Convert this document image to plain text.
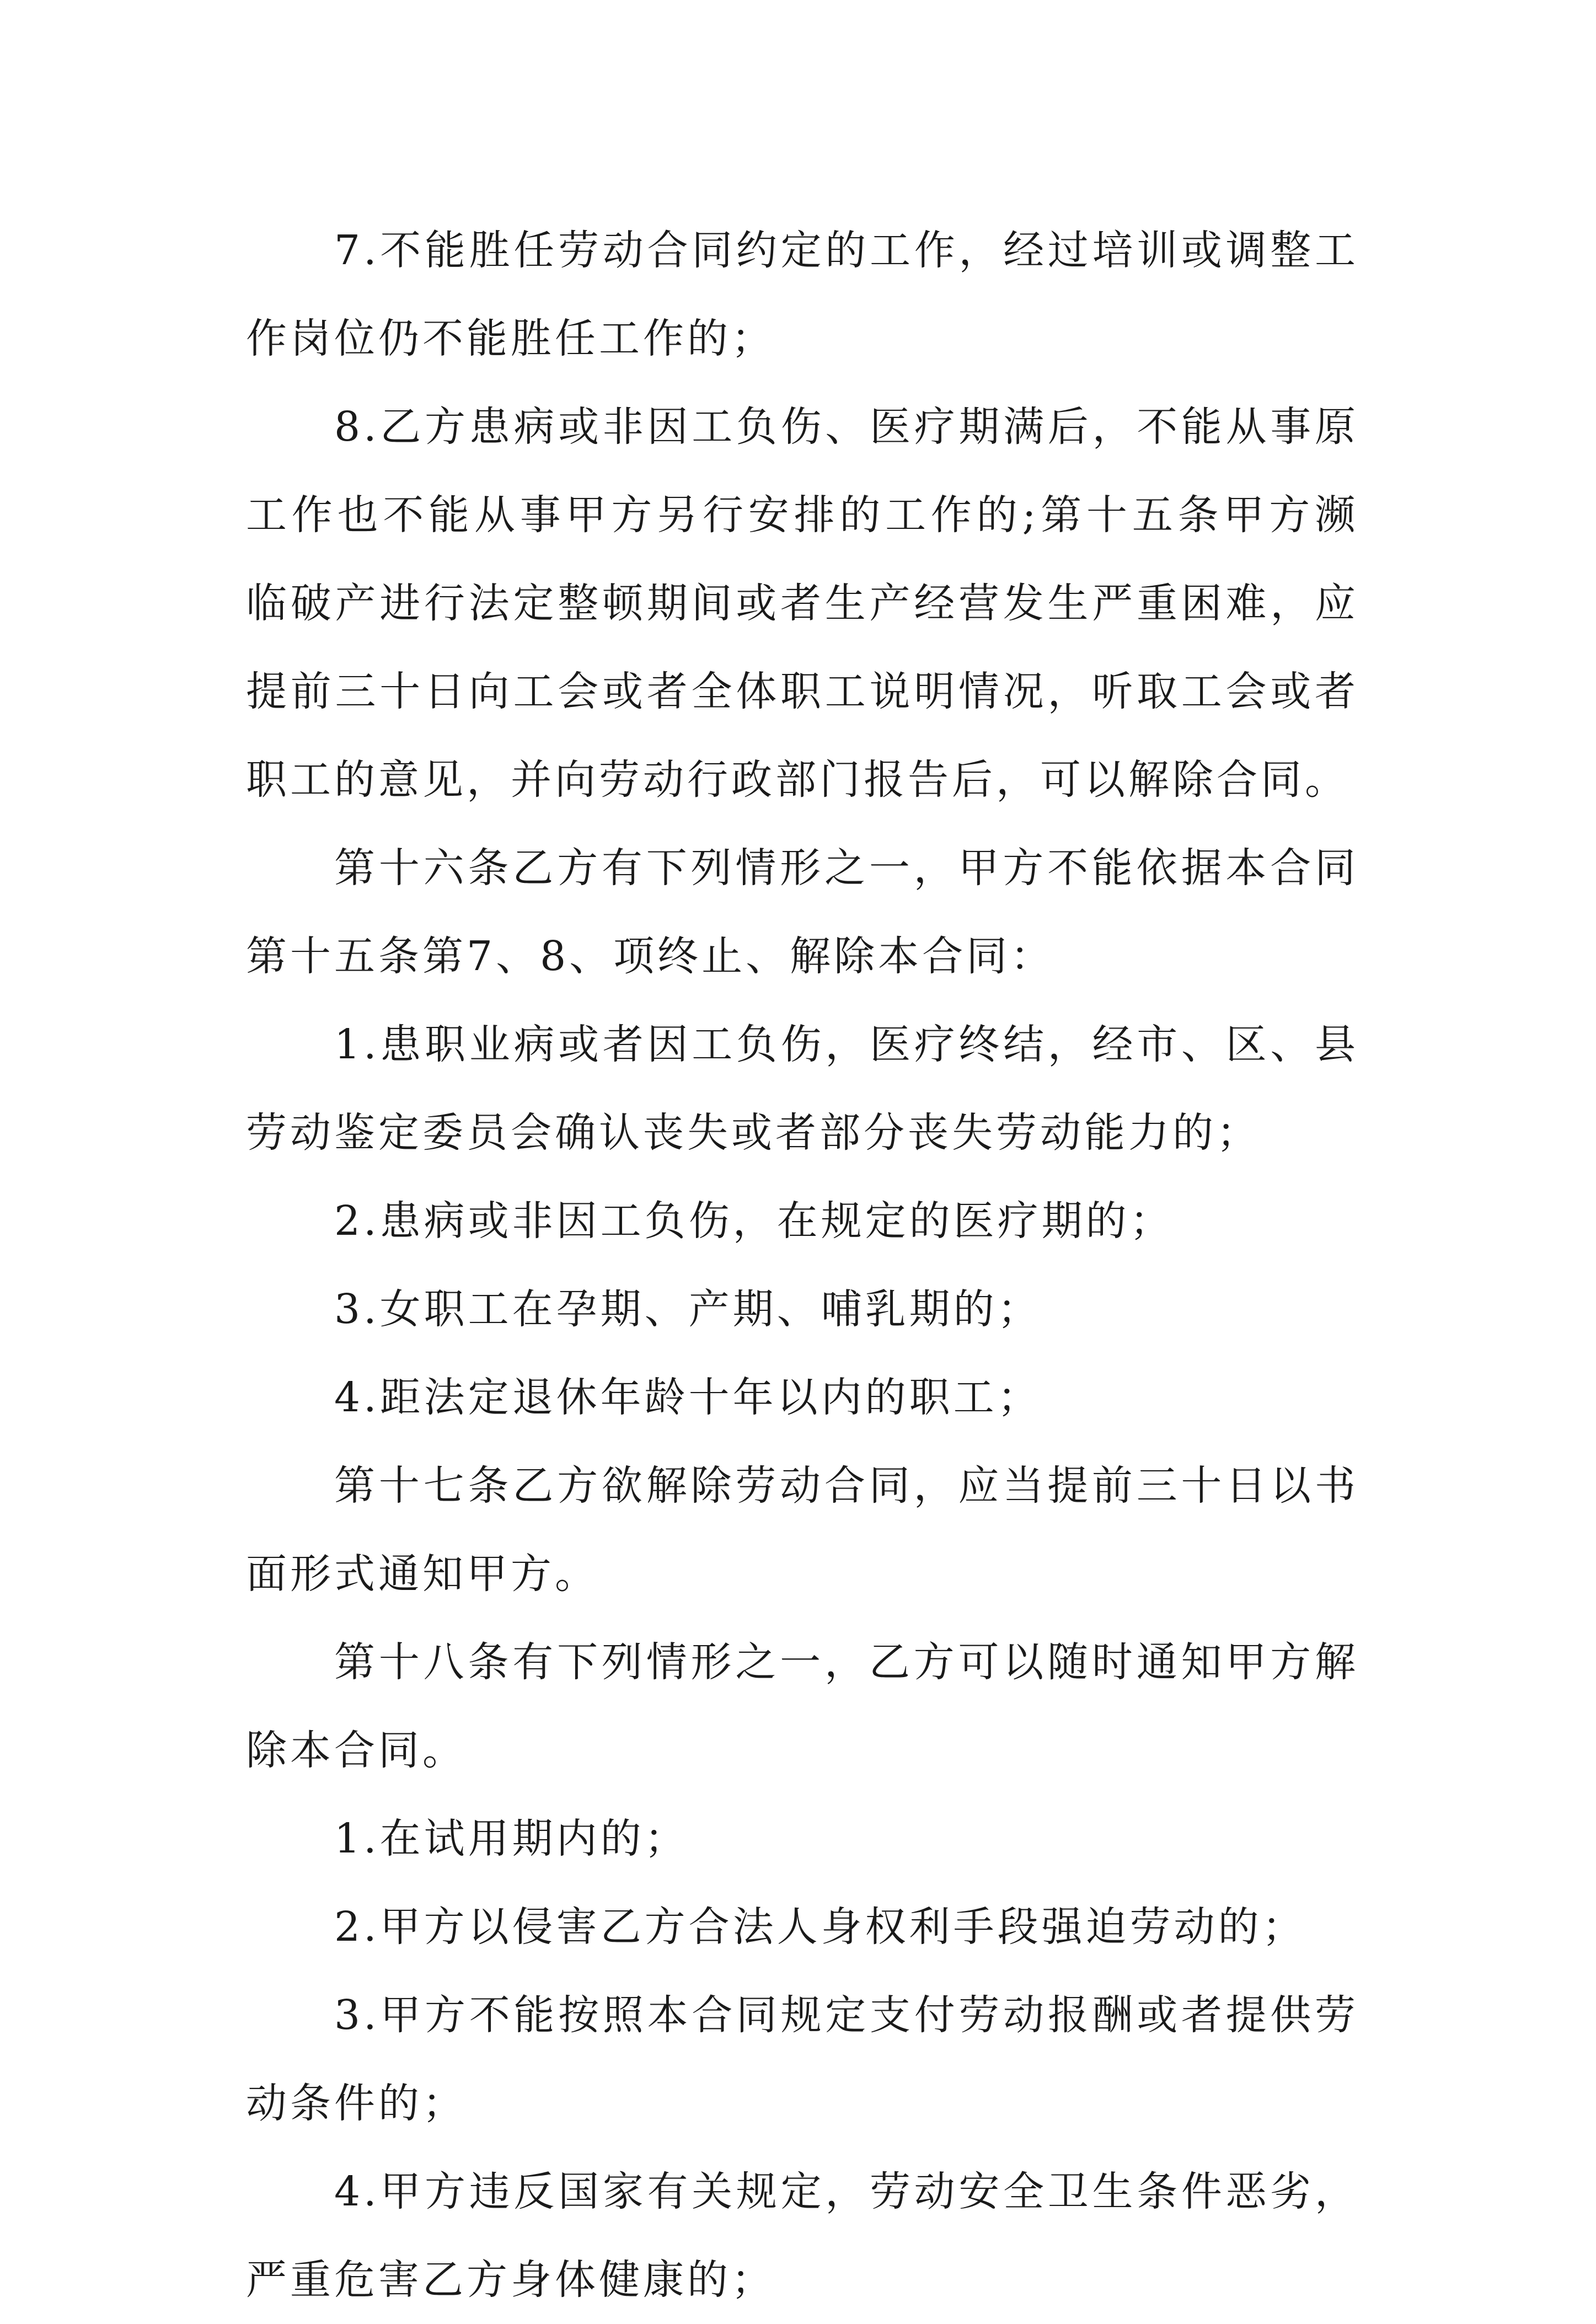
7.不能胜任劳动合同约定的工作，经过培训或调整工作岗位仍不能胜任工作的；

8.乙方患病或非因工负伤、医疗期满后，不能从事原工作也不能从事甲方另行安排的工作的;第十五条甲方濒临破产进行法定整顿期间或者生产经营发生严重困难，应提前三十日向工会或者全体职工说明情况，听取工会或者职工的意见，并向劳动行政部门报告后，可以解除合同。

第十六条乙方有下列情形之一，甲方不能依据本合同第十五条第7、8、项终止、解除本合同：

1.患职业病或者因工负伤，医疗终结，经市、区、县劳动鉴定委员会确认丧失或者部分丧失劳动能力的；

2.患病或非因工负伤，在规定的医疗期的；

3.女职工在孕期、产期、哺乳期的；

4.距法定退休年龄十年以内的职工；

第十七条乙方欲解除劳动合同，应当提前三十日以书面形式通知甲方。

第十八条有下列情形之一，乙方可以随时通知甲方解除本合同。

1.在试用期内的；

2.甲方以侵害乙方合法人身权利手段强迫劳动的；

3.甲方不能按照本合同规定支付劳动报酬或者提供劳动条件的；

4.甲方违反国家有关规定，劳动安全卫生条件恶劣，严重危害乙方身体健康的；
